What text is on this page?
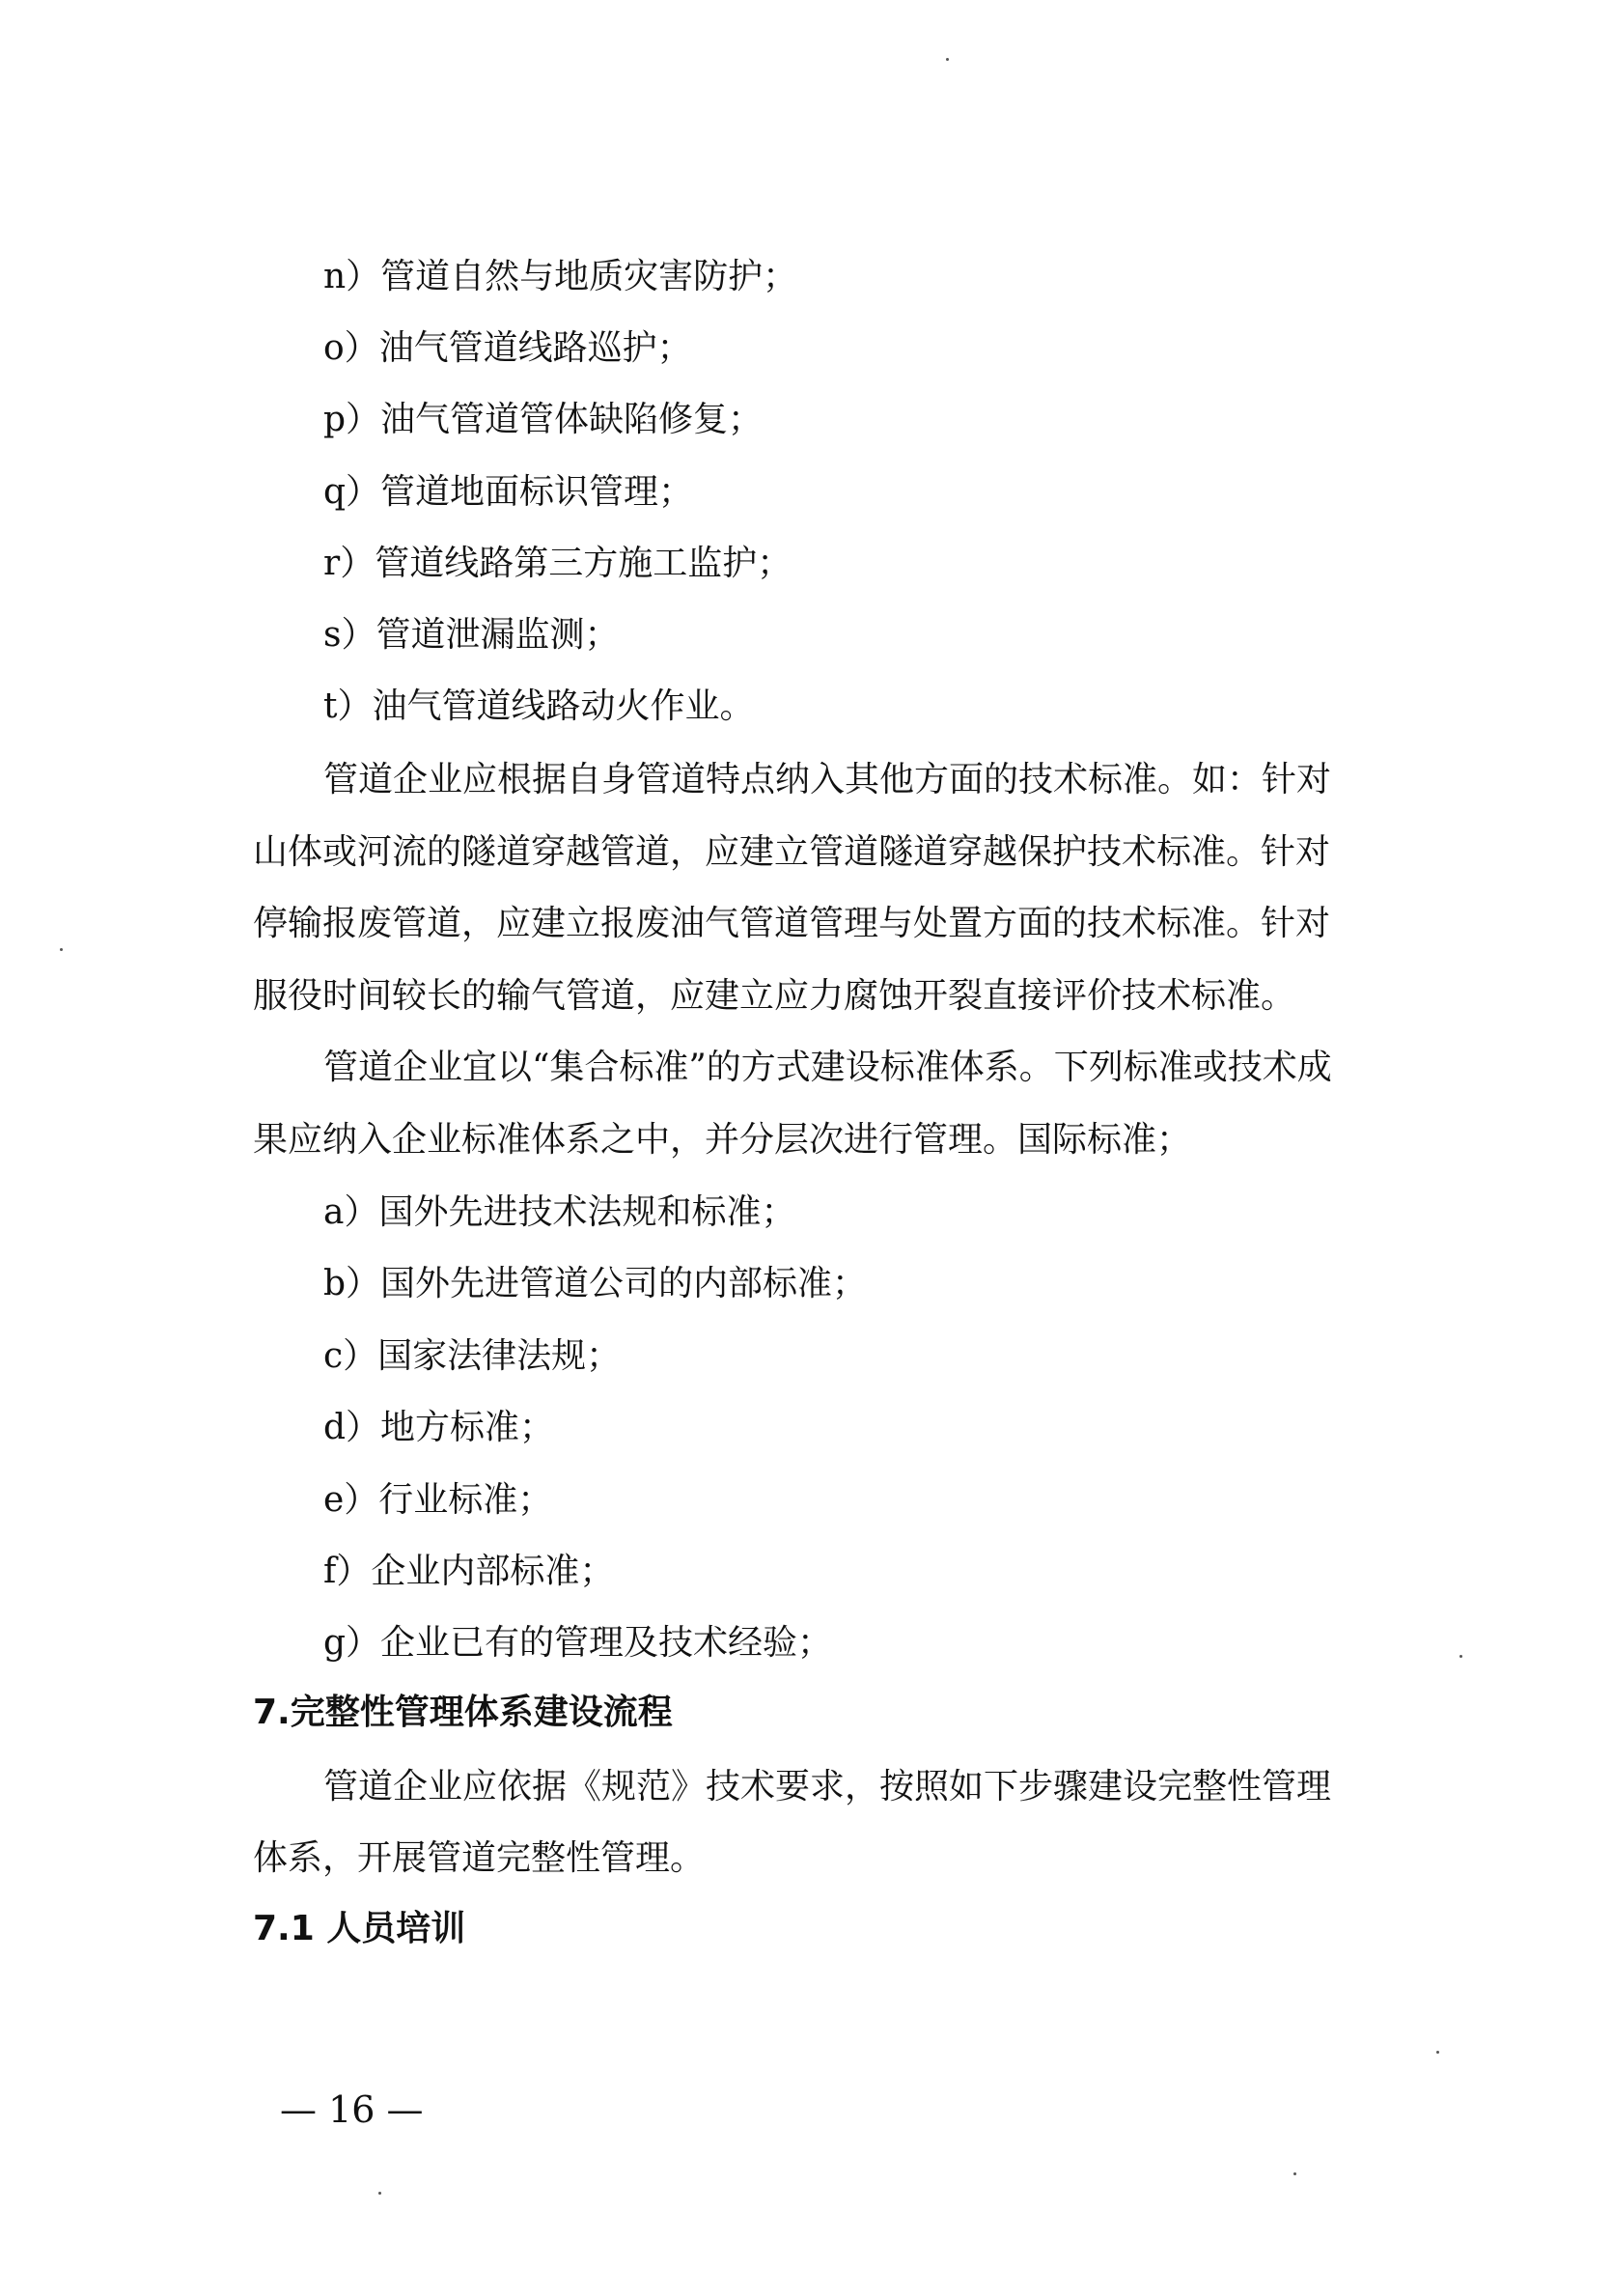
n）管道自然与地质灾害防护；
o）油气管道线路巡护；
p）油气管道管体缺陷修复；
q）管道地面标识管理；
r）管道线路第三方施工监护；
s）管道泄漏监测；
t）油气管道线路动火作业。
管道企业应根据自身管道特点纳入其他方面的技术标准。如：针对
山体或河流的隧道穿越管道，应建立管道隧道穿越保护技术标准。针对
停输报废管道，应建立报废油气管道管理与处置方面的技术标准。针对
服役时间较长的输气管道，应建立应力腐蚀开裂直接评价技术标准。
管道企业宜以“集合标准”的方式建设标准体系。下列标准或技术成
果应纳入企业标准体系之中，并分层次进行管理。国际标准；
a）国外先进技术法规和标准；
b）国外先进管道公司的内部标准；
c）国家法律法规；
d）地方标准；
e）行业标准；
f）企业内部标准；
g）企业已有的管理及技术经验；
7.完整性管理体系建设流程
管道企业应依据《规范》技术要求，按照如下步骤建设完整性管理
体系，开展管道完整性管理。
7.1 人员培训
— 16 —
